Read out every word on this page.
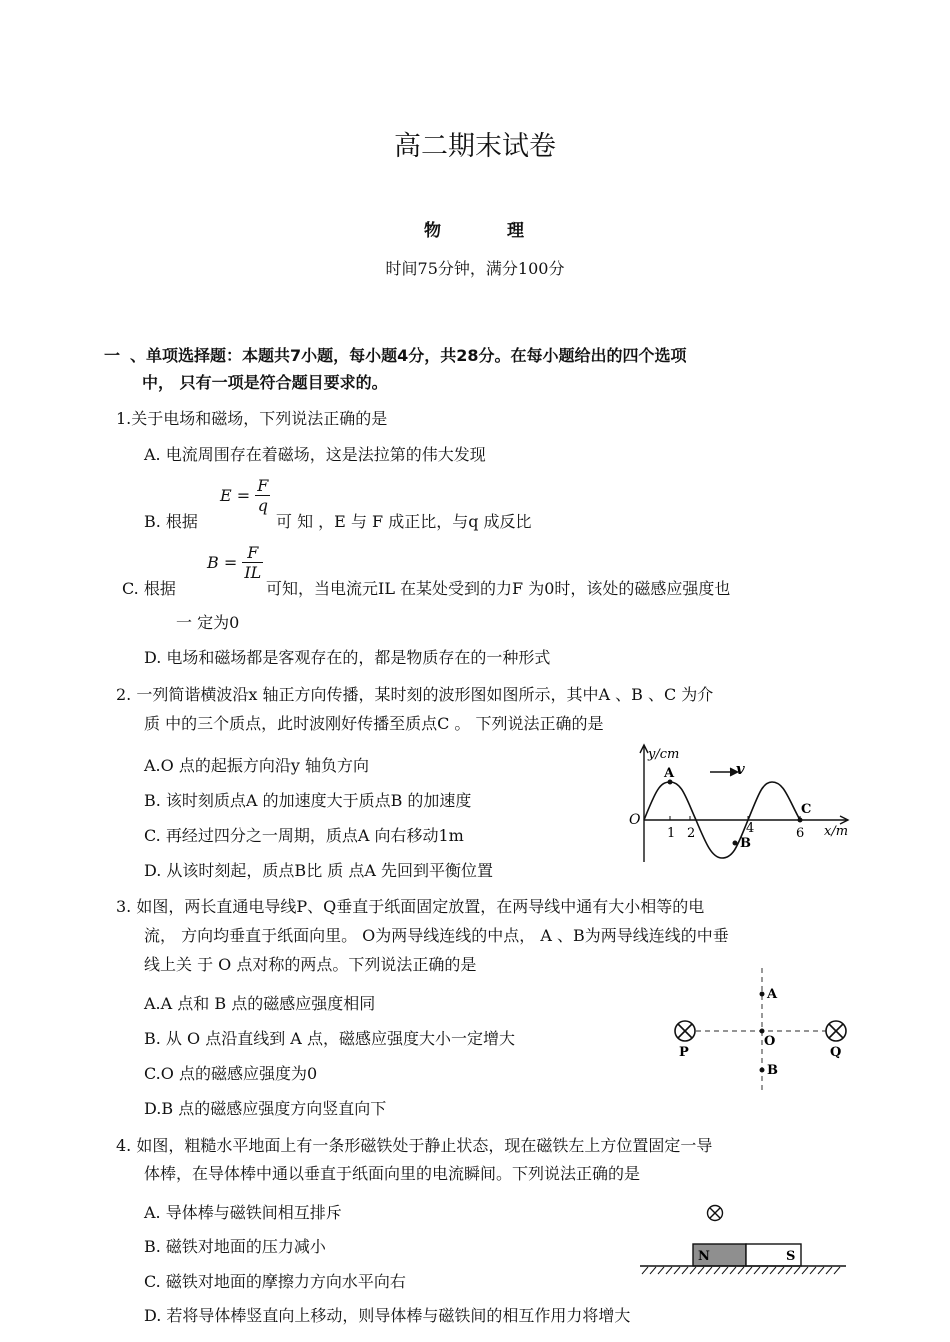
高二期末试卷
物	理
时间75分钟，满分100分
一 、单项选择题：本题共7小题，每小题4分，共28分。在每小题给出的四个选项
中， 只有一项是符合题目要求的。
1.关于电场和磁场，下列说法正确的是
A. 电流周围存在着磁场，这是法拉第的伟大发现
B. 根据
$E = \frac{F}{q}$
可 知 ，E 与 F 成正比，与q 成反比
C. 根据
$B = \frac{F}{IL}$
可知，当电流元IL 在某处受到的力F 为0时，该处的磁感应强度也
一 定为0
D. 电场和磁场都是客观存在的，都是物质存在的一种形式
2. 一列简谐横波沿x 轴正方向传播，某时刻的波形图如图所示，其中A 、B 、C 为介
质 中的三个质点，此时波刚好传播至质点C 。 下列说法正确的是
A.O 点的起振方向沿y 轴负方向
B. 该时刻质点A 的加速度大于质点B 的加速度
C. 再经过四分之一周期，质点A 向右移动1m
D. 从该时刻起，质点B比 质 点A 先回到平衡位置
y/cm
x/m
O
v
1 2	4	6
A
B
C
3. 如图，两长直通电导线P、Q垂直于纸面固定放置，在两导线中通有大小相等的电
流， 方向均垂直于纸面向里。 O为两导线连线的中点， A 、B为两导线连线的中垂
线上关 于 O 点对称的两点。下列说法正确的是
A.A 点和 B 点的磁感应强度相同
B. 从 O 点沿直线到 A 点，磁感应强度大小一定增大
C.O 点的磁感应强度为0
D.B 点的磁感应强度方向竖直向下
A
O
B
P	Q
4. 如图，粗糙水平地面上有一条形磁铁处于静止状态，现在磁铁左上方位置固定一导
体棒，在导体棒中通以垂直于纸面向里的电流瞬间。下列说法正确的是
A. 导体棒与磁铁间相互排斥
B. 磁铁对地面的压力减小
C. 磁铁对地面的摩擦力方向水平向右
D. 若将导体棒竖直向上移动，则导体棒与磁铁间的相互作用力将增大
N	S
